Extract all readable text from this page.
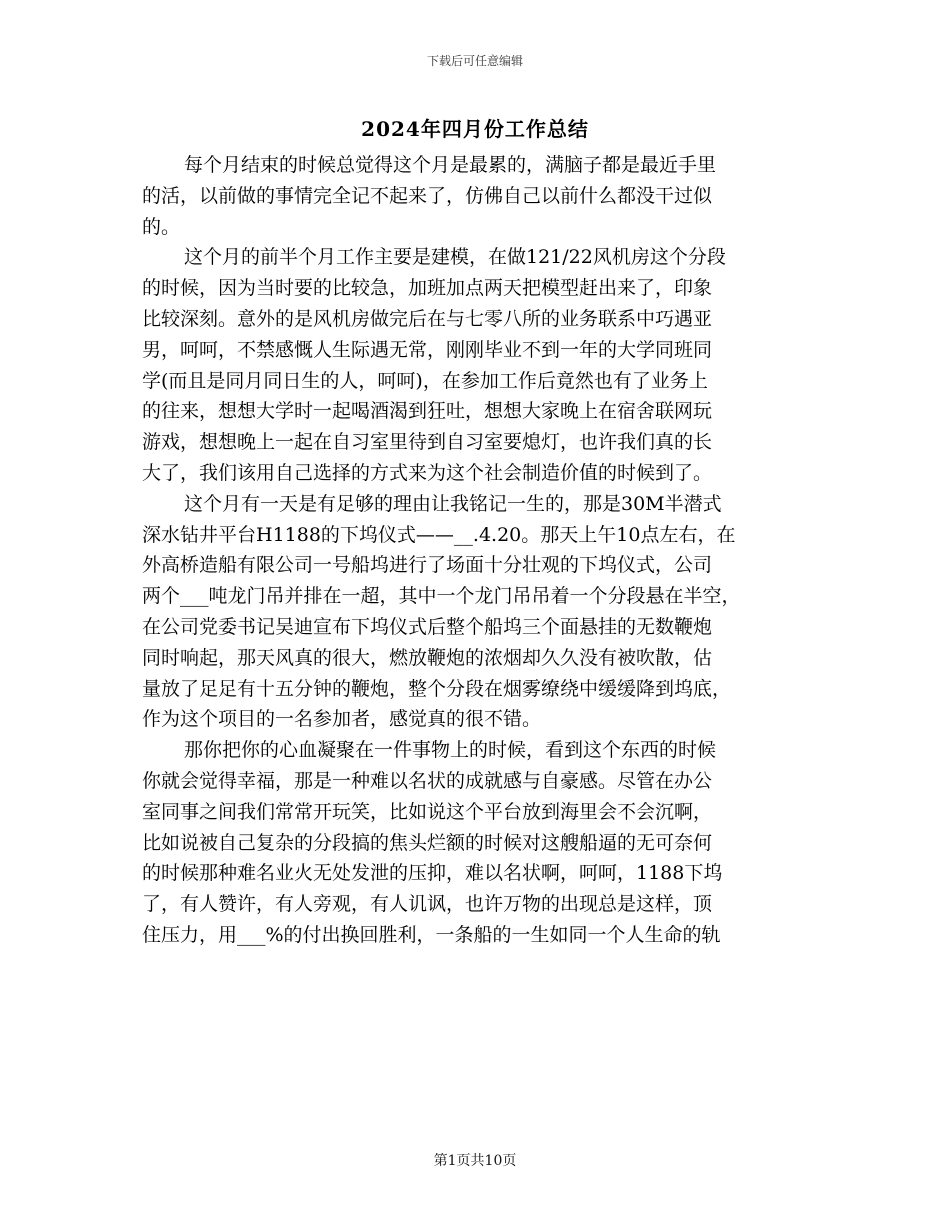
下载后可任意编辑
2024年四月份工作总结
每个月结束的时候总觉得这个月是最累的，满脑子都是最近手里
的活，以前做的事情完全记不起来了，仿佛自己以前什么都没干过似
的。
这个月的前半个月工作主要是建模，在做121/22风机房这个分段
的时候，因为当时要的比较急，加班加点两天把模型赶出来了，印象
比较深刻。意外的是风机房做完后在与七零八所的业务联系中巧遇亚
男，呵呵，不禁感慨人生际遇无常，刚刚毕业不到一年的大学同班同
学(而且是同月同日生的人，呵呵)，在参加工作后竟然也有了业务上
的往来，想想大学时一起喝酒渴到狂吐，想想大家晚上在宿舍联网玩
游戏，想想晚上一起在自习室里待到自习室要熄灯，也许我们真的长
大了，我们该用自己选择的方式来为这个社会制造价值的时候到了。
这个月有一天是有足够的理由让我铭记一生的，那是30M半潜式
深水钻井平台H1188的下坞仪式——__.4.20。那天上午10点左右，在
外高桥造船有限公司一号船坞进行了场面十分壮观的下坞仪式，公司
两个___吨龙门吊并排在一超，其中一个龙门吊吊着一个分段悬在半空，
在公司党委书记吴迪宣布下坞仪式后整个船坞三个面悬挂的无数鞭炮
同时响起，那天风真的很大，燃放鞭炮的浓烟却久久没有被吹散，估
量放了足足有十五分钟的鞭炮，整个分段在烟雾缭绕中缓缓降到坞底，
作为这个项目的一名参加者，感觉真的很不错。
那你把你的心血凝聚在一件事物上的时候，看到这个东西的时候
你就会觉得幸福，那是一种难以名状的成就感与自豪感。尽管在办公
室同事之间我们常常开玩笑，比如说这个平台放到海里会不会沉啊，
比如说被自己复杂的分段搞的焦头烂额的时候对这艘船逼的无可奈何
的时候那种难名业火无处发泄的压抑，难以名状啊，呵呵，1188下坞
了，有人赞许，有人旁观，有人讥讽，也许万物的出现总是这样，顶
住压力，用___%的付出换回胜利，一条船的一生如同一个人生命的轨
第1页共10页
